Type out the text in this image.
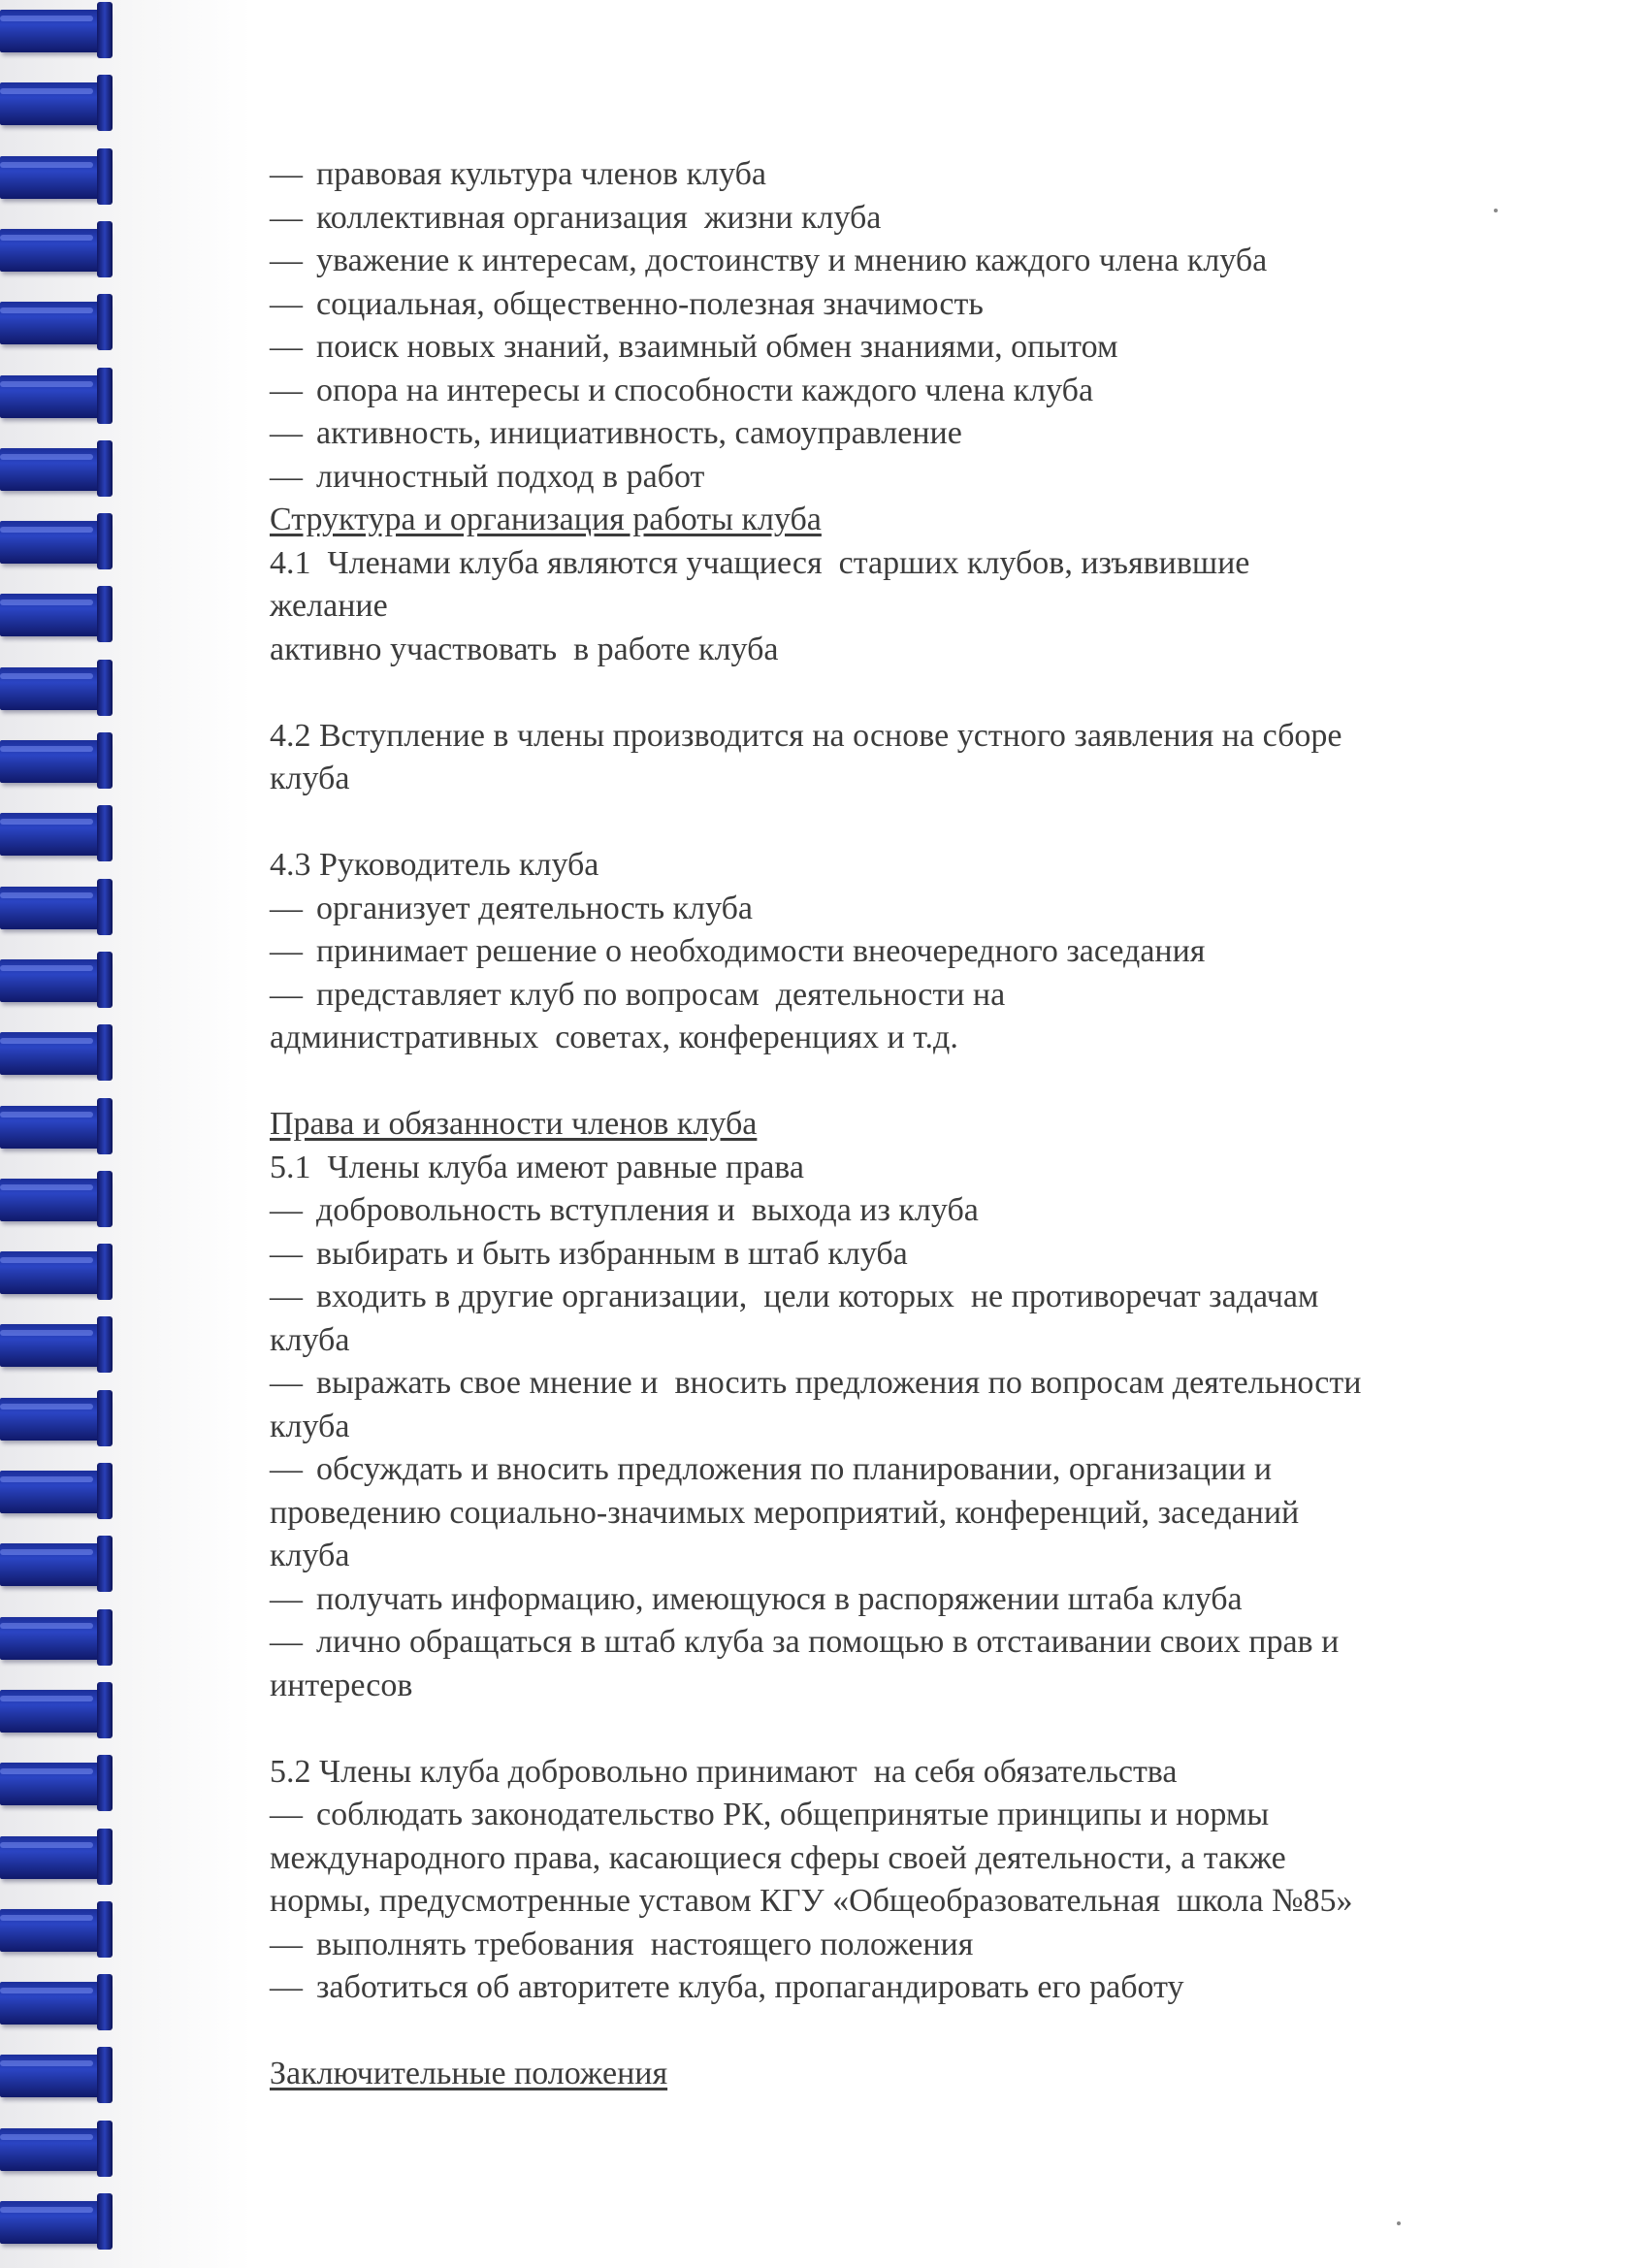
— правовая культура членов клуба
— коллективная организация  жизни клуба
— уважение к интересам, достоинству и мнению каждого члена клуба
— социальная, общественно-полезная значимость
— поиск новых знаний, взаимный обмен знаниями, опытом
— опора на интересы и способности каждого члена клуба
— активность, инициативность, самоуправление
— личностный подход в работ
Структура и организация работы клуба
4.1  Членами клуба являются учащиеся  старших клубов, изъявившие
желание
активно участвовать  в работе клуба
4.2 Вступление в члены производится на основе устного заявления на сборе
клуба
4.3 Руководитель клуба
— организует деятельность клуба
— принимает решение о необходимости внеочередного заседания
— представляет клуб по вопросам  деятельности на
административных  советах, конференциях и т.д.
Права и обязанности членов клуба
5.1  Члены клуба имеют равные права
— добровольность вступления и  выхода из клуба
— выбирать и быть избранным в штаб клуба
— входить в другие организации,  цели которых  не противоречат задачам
клуба
— выражать свое мнение и  вносить предложения по вопросам деятельности
клуба
— обсуждать и вносить предложения по планировании, организации и
проведению социально-значимых мероприятий, конференций, заседаний
клуба
— получать информацию, имеющуюся в распоряжении штаба клуба
— лично обращаться в штаб клуба за помощью в отстаивании своих прав и
интересов
5.2 Члены клуба добровольно принимают  на себя обязательства
— соблюдать законодательство РК, общепринятые принципы и нормы
международного права, касающиеся сферы своей деятельности, а также
нормы, предусмотренные уставом КГУ «Общеобразовательная  школа №85»
— выполнять требования  настоящего положения
— заботиться об авторитете клуба, пропагандировать его работу
Заключительные положения
